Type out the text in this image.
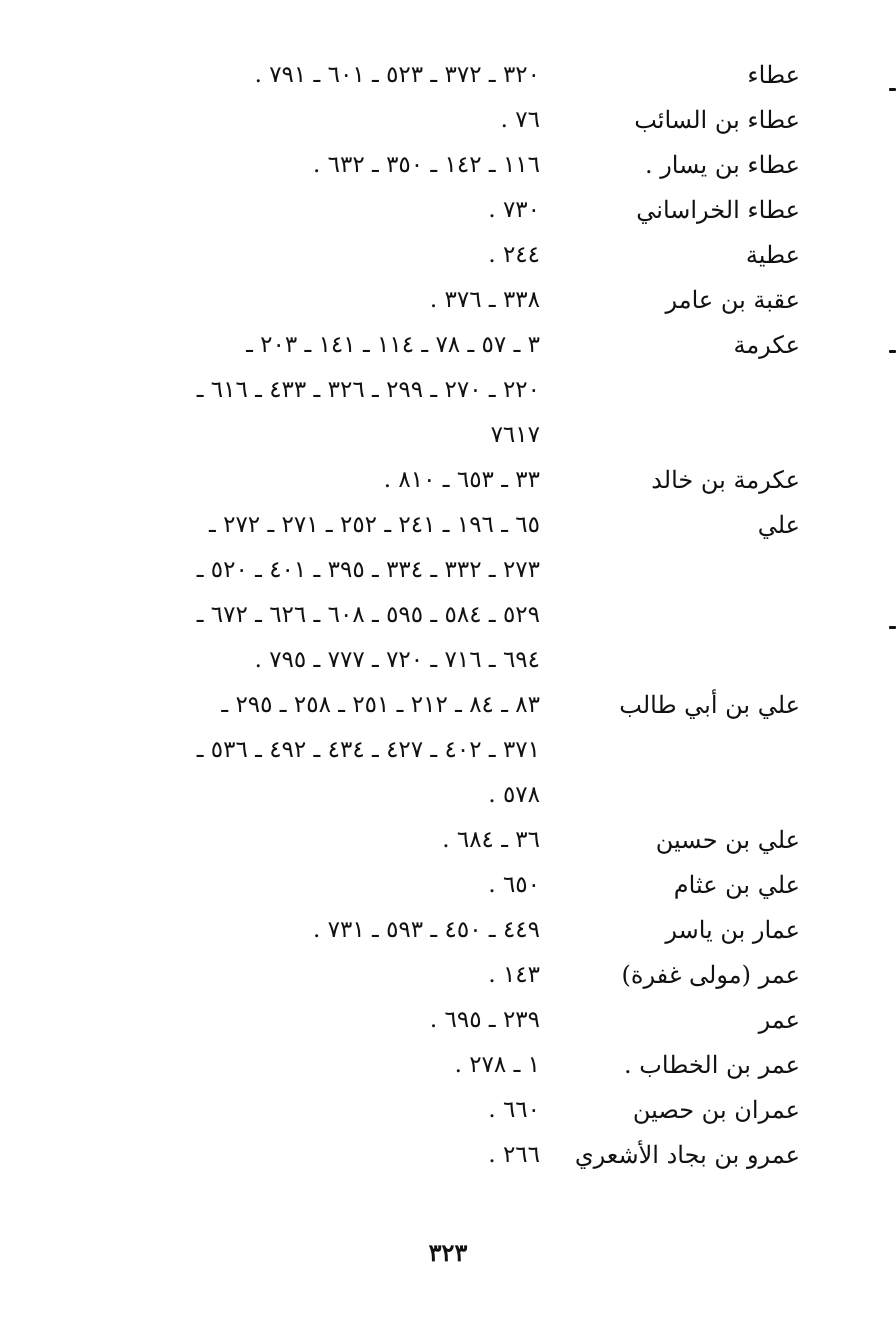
عطاء
٣٢٠ ـ ٣٧٢ ـ ٥٢٣ ـ ٦٠١ ـ ٧٩١ .
عطاء بن السائب
٧٦ .
عطاء بن يسار .
١١٦ ـ ١٤٢ ـ ٣٥٠ ـ ٦٣٢ .
عطاء الخراساني
٧٣٠ .
عطية
٢٤٤ .
عقبة بن عامر
٣٣٨ ـ ٣٧٦ .
عكرمة
٣ ـ ٥٧ ـ ٧٨ ـ ١١٤ ـ ١٤١ ـ ٢٠٣ ـ
٢٢٠ ـ ٢٧٠ ـ ٢٩٩ ـ ٣٢٦ ـ ٤٣٣ ـ ٦١٦ ـ
٧٦١٧
عكرمة بن خالد
٣٣ ـ ٦٥٣ ـ ٨١٠ .
علي
٦٥ ـ ١٩٦ ـ ٢٤١ ـ ٢٥٢ ـ ٢٧١ ـ ٢٧٢ ـ
٢٧٣ ـ ٣٣٢ ـ ٣٣٤ ـ ٣٩٥ ـ ٤٠١ ـ ٥٢٠ ـ
٥٢٩ ـ ٥٨٤ ـ ٥٩٥ ـ ٦٠٨ ـ ٦٢٦ ـ ٦٧٢ ـ
٦٩٤ ـ ٧١٦ ـ ٧٢٠ ـ ٧٧٧ ـ ٧٩٥ .
علي بن أبي طالب
٨٣ ـ ٨٤ ـ ٢١٢ ـ ٢٥١ ـ ٢٥٨ ـ ٢٩٥ ـ
٣٧١ ـ ٤٠٢ ـ ٤٢٧ ـ ٤٣٤ ـ ٤٩٢ ـ ٥٣٦ ـ
٥٧٨ .
علي بن حسين
٣٦ ـ ٦٨٤ .
علي بن عثام
٦٥٠ .
عمار بن ياسر
٤٤٩ ـ ٤٥٠ ـ ٥٩٣ ـ ٧٣١ .
عمر (مولى غفرة)
١٤٣ .
عمر
٢٣٩ ـ ٦٩٥ .
عمر بن الخطاب .
١ ـ ٢٧٨ .
عمران بن حصين
٦٦٠ .
عمرو بن بجاد الأشعري
٢٦٦ .
٣٢٣
